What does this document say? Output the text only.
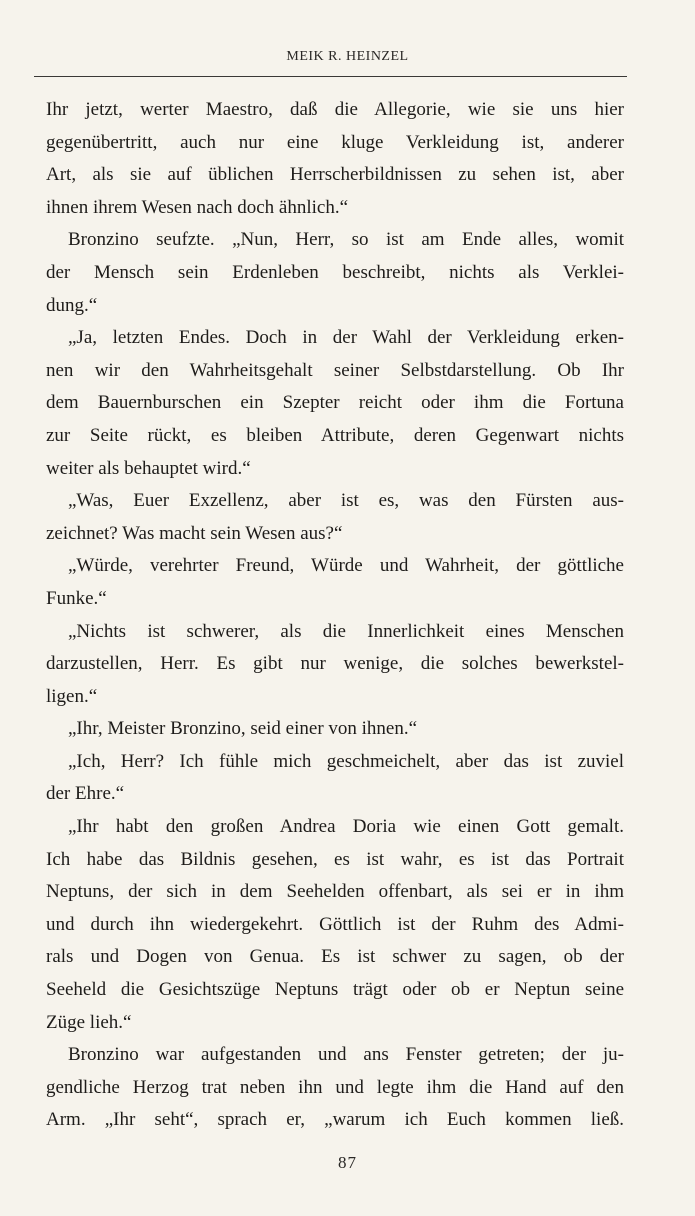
MEIK R. HEINZEL
Ihr jetzt, werter Maestro, daß die Allegorie, wie sie uns hier
gegenübertritt, auch nur eine kluge Verkleidung ist, anderer
Art, als sie auf üblichen Herrscherbildnissen zu sehen ist, aber
ihnen ihrem Wesen nach doch ähnlich.“
Bronzino seufzte. „Nun, Herr, so ist am Ende alles, womit
der Mensch sein Erdenleben beschreibt, nichts als Verklei-
dung.“
„Ja, letzten Endes. Doch in der Wahl der Verkleidung erken-
nen wir den Wahrheitsgehalt seiner Selbstdarstellung. Ob Ihr
dem Bauernburschen ein Szepter reicht oder ihm die Fortuna
zur Seite rückt, es bleiben Attribute, deren Gegenwart nichts
weiter als behauptet wird.“
„Was, Euer Exzellenz, aber ist es, was den Fürsten aus-
zeichnet? Was macht sein Wesen aus?“
„Würde, verehrter Freund, Würde und Wahrheit, der göttliche
Funke.“
„Nichts ist schwerer, als die Innerlichkeit eines Menschen
darzustellen, Herr. Es gibt nur wenige, die solches bewerkstel-
ligen.“
„Ihr, Meister Bronzino, seid einer von ihnen.“
„Ich, Herr? Ich fühle mich geschmeichelt, aber das ist zuviel
der Ehre.“
„Ihr habt den großen Andrea Doria wie einen Gott gemalt.
Ich habe das Bildnis gesehen, es ist wahr, es ist das Portrait
Neptuns, der sich in dem Seehelden offenbart, als sei er in ihm
und durch ihn wiedergekehrt. Göttlich ist der Ruhm des Admi-
rals und Dogen von Genua. Es ist schwer zu sagen, ob der
Seeheld die Gesichtszüge Neptuns trägt oder ob er Neptun seine
Züge lieh.“
Bronzino war aufgestanden und ans Fenster getreten; der ju-
gendliche Herzog trat neben ihn und legte ihm die Hand auf den
Arm. „Ihr seht“, sprach er, „warum ich Euch kommen ließ.
87
